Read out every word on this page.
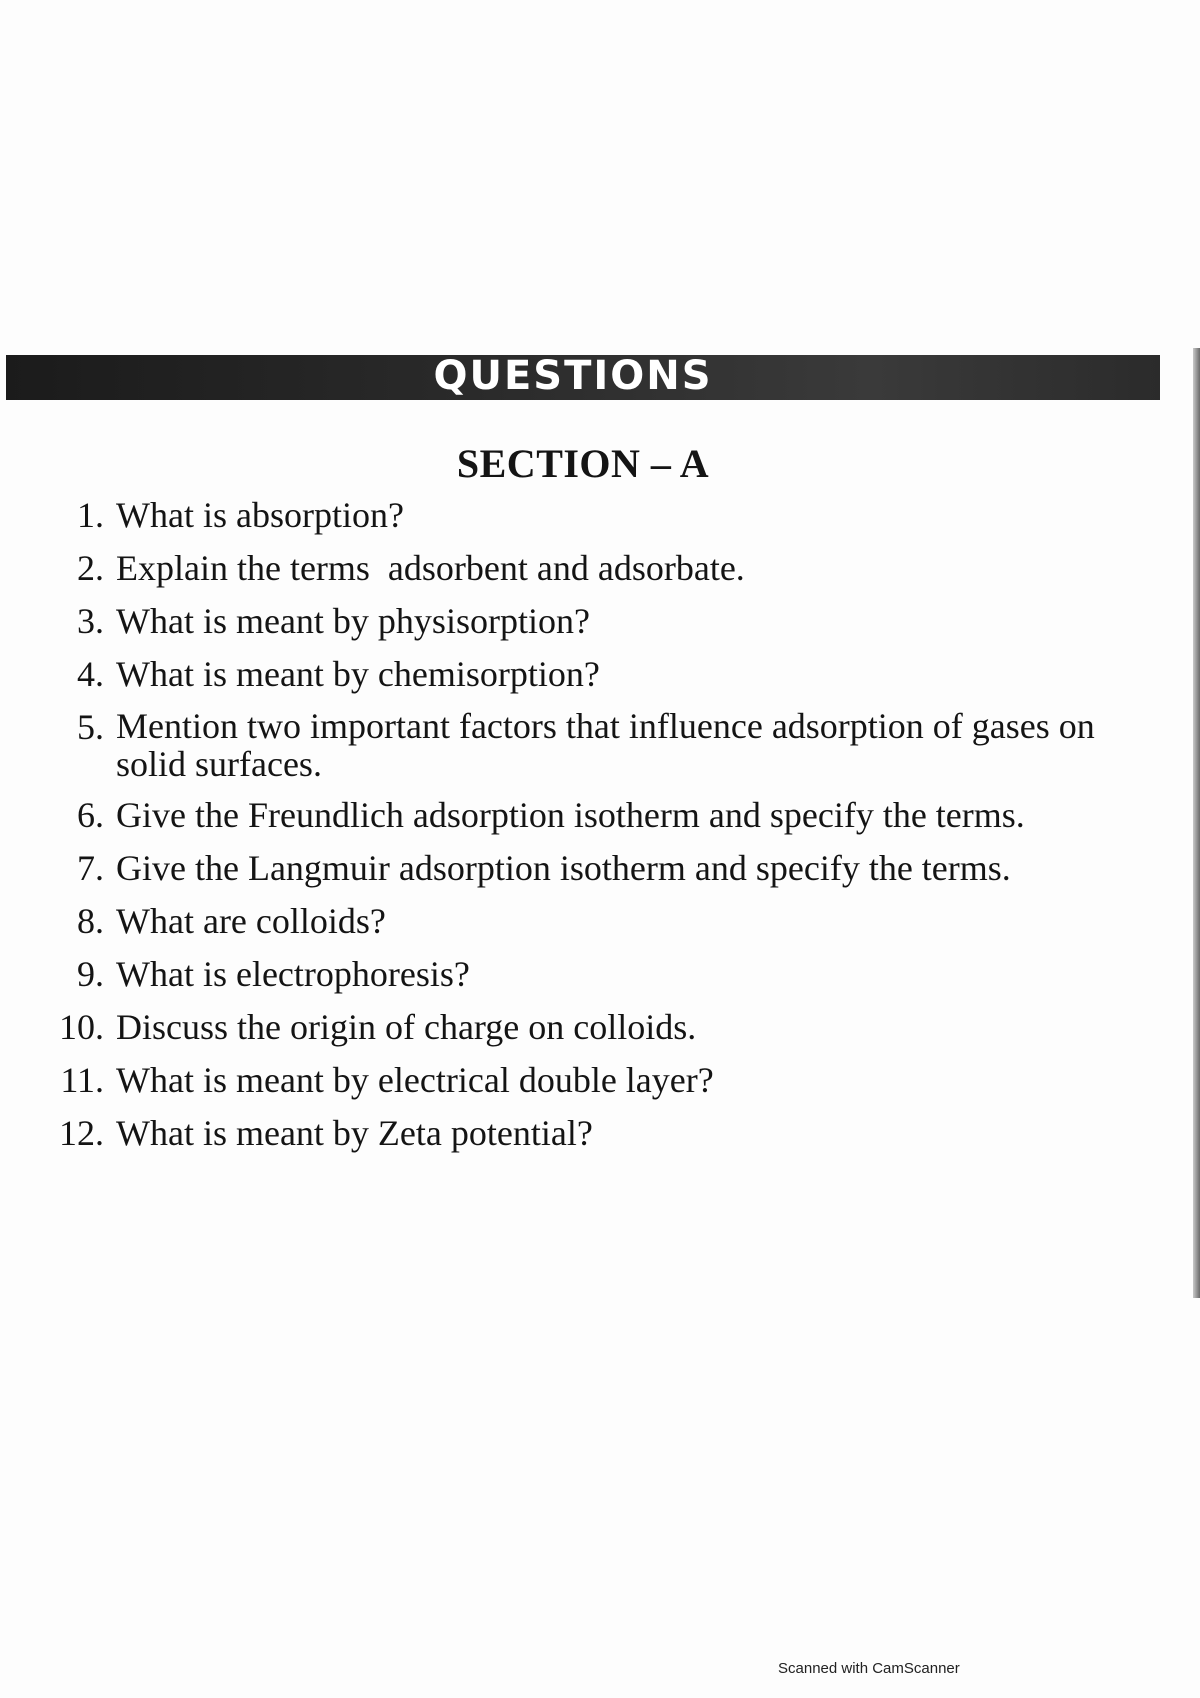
QUESTIONS
SECTION – A
1. What is absorption?
2. Explain the terms  adsorbent and adsorbate.
3. What is meant by physisorption?
4. What is meant by chemisorption?
5. Mention two important factors that influence adsorption of gases on solid surfaces.
6. Give the Freundlich adsorption isotherm and specify the terms.
7. Give the Langmuir adsorption isotherm and specify the terms.
8. What are colloids?
9. What is electrophoresis?
10. Discuss the origin of charge on colloids.
11. What is meant by electrical double layer?
12. What is meant by Zeta potential?
Scanned with CamScanner
